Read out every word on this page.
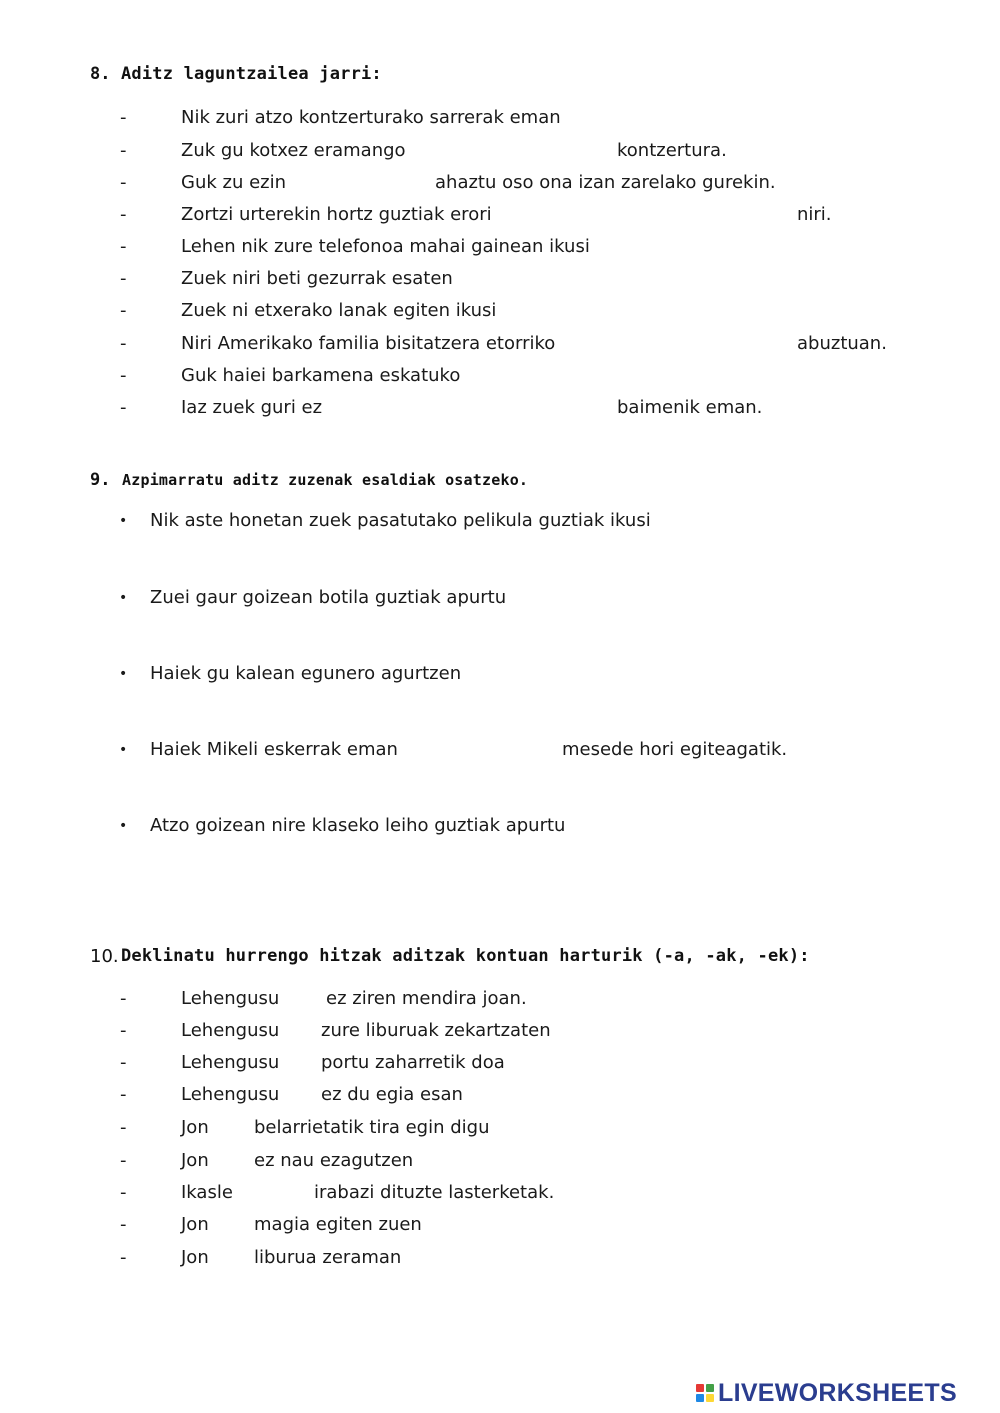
8. Aditz laguntzailea jarri:
-	Nik zuri atzo kontzerturako sarrerak eman
-	Zuk gu kotxez eramango	kontzertura.
-	Guk zu ezin	ahaztu oso ona izan zarelako gurekin.
-	Zortzi urterekin hortz guztiak erori	niri.
-	Lehen nik zure telefonoa mahai gainean ikusi
-	Zuek niri beti gezurrak esaten
-	Zuek ni etxerako lanak egiten ikusi
-	Niri Amerikako familia bisitatzera etorriko	abuztuan.
-	Guk haiei barkamena eskatuko
-	Iaz zuek guri ez	baimenik eman.
9. Azpimarratu aditz zuzenak esaldiak osatzeko.
• Nik aste honetan zuek pasatutako pelikula guztiak ikusi
• Zuei gaur goizean botila guztiak apurtu
• Haiek gu kalean egunero agurtzen
• Haiek Mikeli eskerrak eman	mesede hori egiteagatik.
• Atzo goizean nire klaseko leiho guztiak apurtu
10. Deklinatu hurrengo hitzak aditzak kontuan harturik (-a, -ak, -ek):
-	Lehengusu	ez ziren mendira joan.
-	Lehengusu zure liburuak zekartzaten
-	Lehengusu portu zaharretik doa
-	Lehengusu ez du egia esan
-	Jon	belarrietatik tira egin digu
-	Jon	ez nau ezagutzen
-	Ikasle	irabazi dituzte lasterketak.
-	Jon	magia egiten zuen
-	Jon	liburua zeraman
LIVEWORKSHEETS
